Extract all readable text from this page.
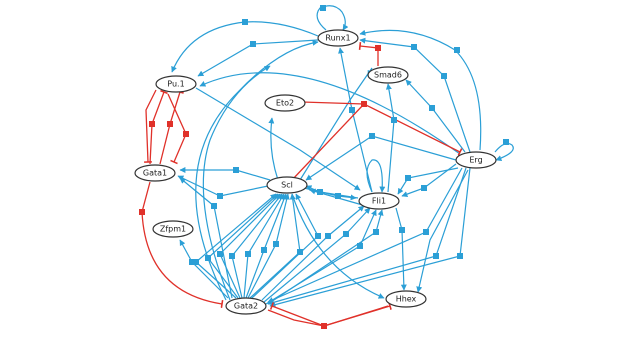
Runx1
Smad6
Pu.1
Eto2
Erg
Gata1
Scl
Fli1
Zfpm1
Gata2
Hhex
